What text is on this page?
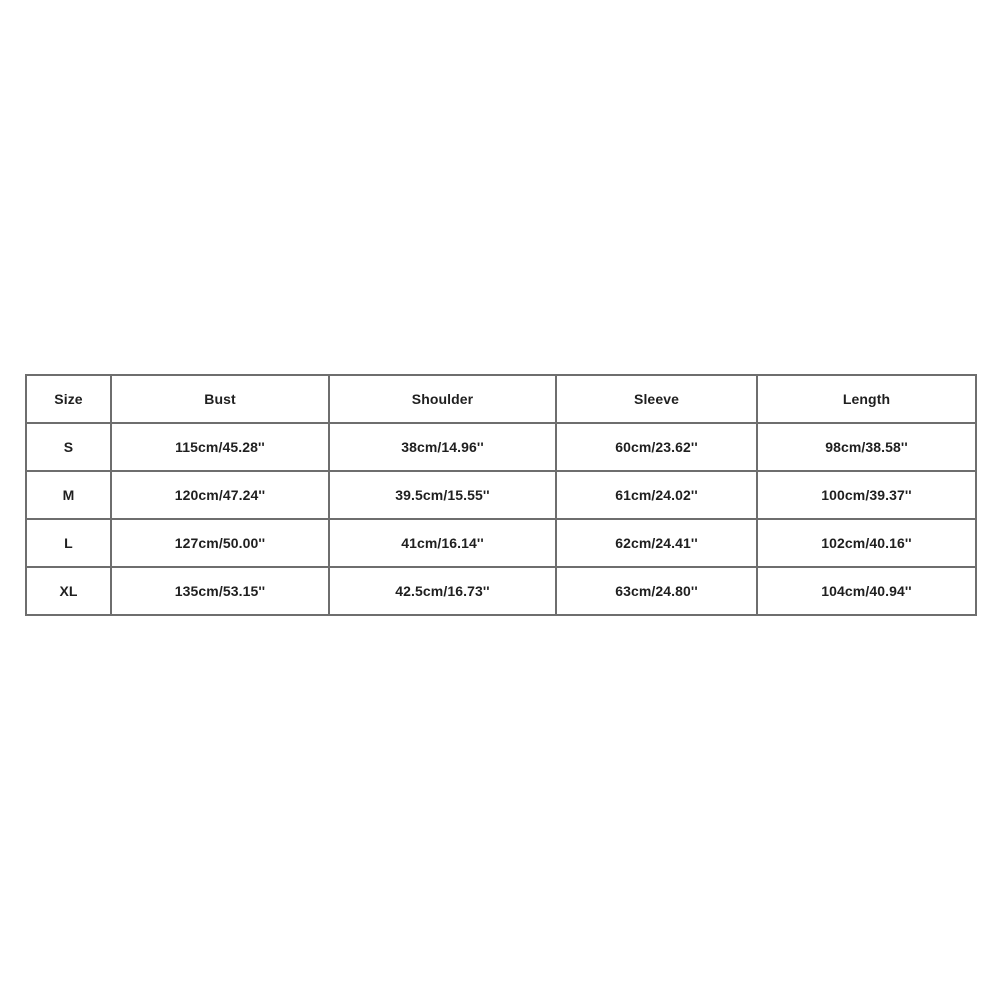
Size	Bust	Shoulder	Sleeve	Length
S	115cm/45.28''	38cm/14.96''	60cm/23.62''	98cm/38.58''
M	120cm/47.24''	39.5cm/15.55''	61cm/24.02''	100cm/39.37''
L	127cm/50.00''	41cm/16.14''	62cm/24.41''	102cm/40.16''
XL	135cm/53.15''	42.5cm/16.73''	63cm/24.80''	104cm/40.94''
